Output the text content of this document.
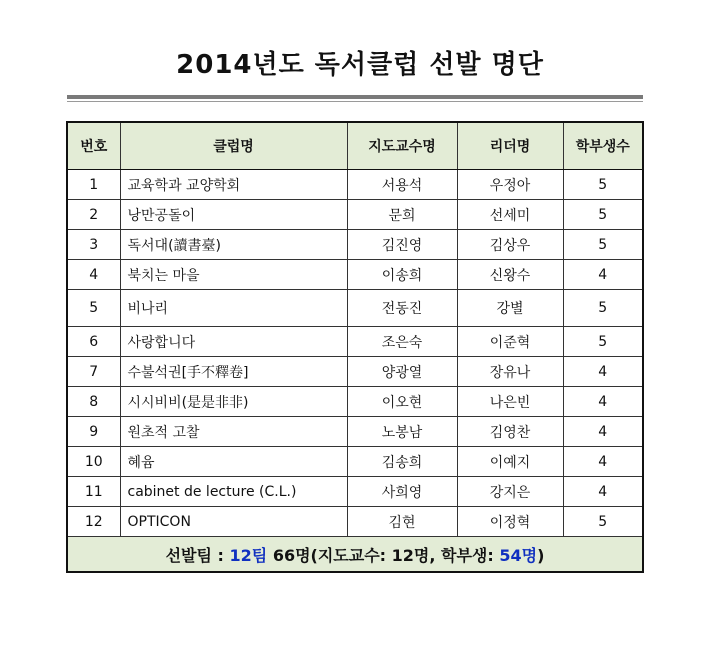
2014년도 독서클럽 선발 명단
번호	클럽명	지도교수명	리더명	학부생수
1	교육학과 교양학회	서용석	우정아	5
2	낭만공돌이	문희	선세미	5
3	독서대(讀書臺)	김진영	김상우	5
4	북치는 마을	이송희	신왕수	4
5	비나리	전동진	강별	5
6	사랑합니다	조은숙	이준혁	5
7	수불석권[手不釋卷]	양광열	장유나	4
8	시시비비(是是非非)	이오현	나은빈	4
9	원초적 고찰	노봉남	김영찬	4
10	혜윰	김송희	이예지	4
11	cabinet de lecture (C.L.)	사희영	강지은	4
12	OPTICON	김현	이정혁	5
선발팀 : 12팀 66명(지도교수: 12명, 학부생: 54명)				
